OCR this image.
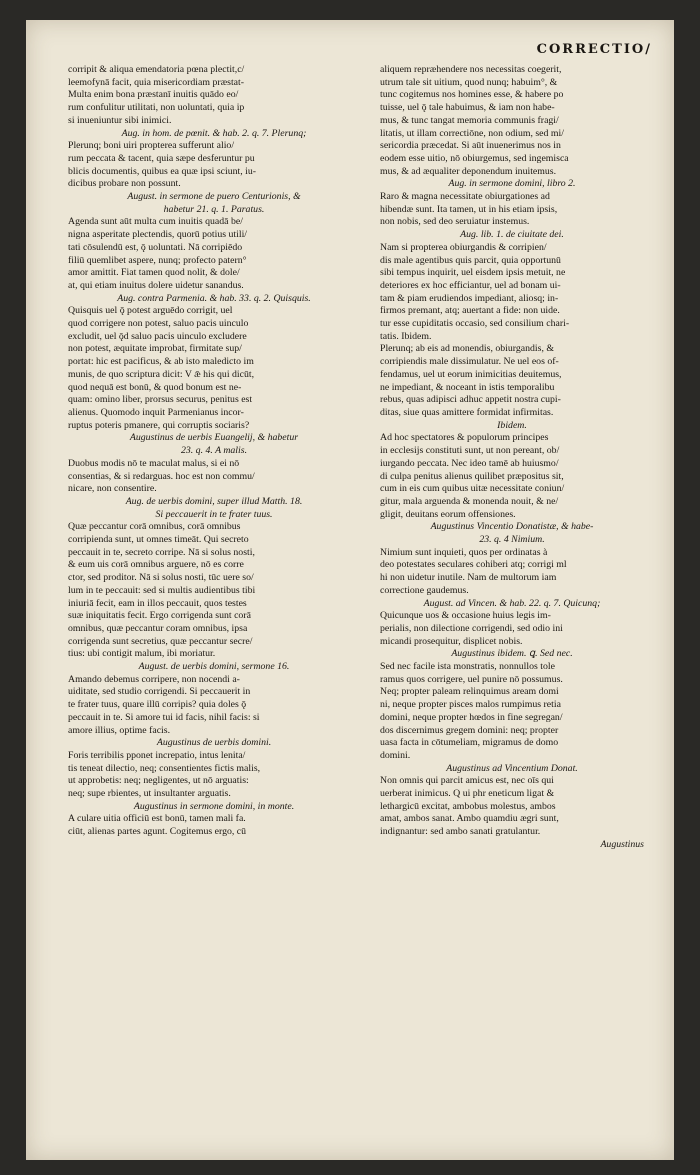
CORRECTIO/

corripit & aliqua emendatoria pœna plectit,c/

leemofynā facit, quia misericordiam præstat-

Multa enim bona præstanī inuitis quādo eo/

rum confulitur utilitati, non uoluntati, quia ip

si inueniuntur sibi inimici.

Aug. in hom. de pœnit. & hab. 2. q. 7. Plerunq;

Plerunq; boni uiri propterea sufferunt alio/

rum peccata & tacent, quia sæpe desferuntur pu

blicis documentis, quibus ea quæ ipsi sciunt, iu-

dicibus probare non possunt.

August. in sermone de puero Centurionis, &

habetur 21. q. 1. Paratus.

Agenda sunt aūt multa cum inuitis quadā be/

nigna asperitate plectendis, quorū potius utili/

tati cōsulendū est, ǭ uoluntati. Nā corripiēdo

filiū quemlibet aspere, nunq; profecto patern°

amor amittit. Fiat tamen quod nolit, & dole/

at, qui etiam inuitus dolere uidetur sanandus.

Aug. contra Parmenia. & hab. 33. q. 2. Quisquis.

Quisquis uel ǭ potest arguēdo corrigit, uel

quod corrigere non potest, saluo pacis uinculo

excludit, uel ǭd saluo pacis uinculo excludere

non potest, æquitate improbat, firmitate sup/

portat: hic est pacificus, & ab isto maledicto im

munis, de quo scriptura dicit: V ǣ his qui dicūt,

quod nequā est bonū, & quod bonum est ne-

quam: omino liber, prorsus securus, penitus est

alienus. Quomodo inquit Parmenianus incor-

ruptus poteris pmanere, qui corruptis sociaris?

Augustinus de uerbis Euangelij, & habetur

23. q. 4. A malis.

Duobus modis nō te maculat malus, si ei nō

consentias, & si redarguas. hoc est non commu/

nicare, non consentire.

Aug. de uerbis domini, super illud Matth. 18.

Si peccauerit in te frater tuus.

Quæ peccantur corā omnibus, corā omnibus

corripienda sunt, ut omnes timeāt. Qui secreto

peccauit in te, secreto corripe. Nā si solus nosti,

& eum uis corā omnibus arguere, nō es corre

ctor, sed proditor. Nā si solus nosti, tūc uere so/

lum in te peccauit: sed si multis audientibus tibi

iniuriā fecit, eam in illos peccauit, quos testes

suæ iniquitatis fecit. Ergo corrigenda sunt corā

omnibus, quæ peccantur coram omnibus, ipsa

corrigenda sunt secretius, quæ peccantur secre/

tius: ubi contigit malum, ibi moriatur.

August. de uerbis domini, sermone 16.

Amando debemus corripere, non nocendi a-

uiditate, sed studio corrigendi. Si peccauerit in

te frater tuus, quare illū corripis? quia doles ǭ

peccauit in te. Si amore tui id facis, nihil facis: si

amore illius, optime facis.

Augustinus de uerbis domini.

Foris terribilis pponet increpatio, intus lenita/

tis teneat dilectio, neq; consentientes fictis malis,

ut approbetis: neq; negligentes, ut nō arguatis:

neq; supe rbientes, ut insultanter arguatis.

Augustinus in sermone domini, in monte.

A culare uitia officiū est bonū, tamen mali fa.

ciūt, alienas partes agunt. Cogitemus ergo, cū

aliquem repræhendere nos necessitas coegerit,

utrum tale sit uitium, quod nunq; habuim°, &

tunc cogitemus nos homines esse, & habere po

tuisse, uel ǭ tale habuimus, & iam non habe-

mus, & tunc tangat memoria communis fragi/

litatis, ut illam correctiōne, non odium, sed mi/

sericordia præcedat. Si aūt inuenerimus nos in

eodem esse uitio, nō obiurgemus, sed ingemisca

mus, & ad æqualiter deponendum inuitemus.

Aug. in sermone domini, libro 2.

Raro & magna necessitate obiurgationes ad

hibendæ sunt. Ita tamen, ut in his etiam ipsis,

non nobis, sed deo seruiatur instemus.

Aug. lib. 1. de ciuitate dei.

Nam si propterea obiurgandis & corripien/

dis male agentibus quis parcit, quia opportunū

sibi tempus inquirit, uel eisdem ipsis metuit, ne

deteriores ex hoc efficiantur, uel ad bonam ui-

tam & piam erudiendos impediant, aliosq; in-

firmos premant, atq; auertant a fide: non uide.

tur esse cupiditatis occasio, sed consilium chari-

tatis. Ibidem.

Plerunq; ab eis ad monendis, obiurgandis, &

corripiendis male dissimulatur. Ne uel eos of-

fendamus, uel ut eorum inimicitias deuitemus,

ne impediant, & noceant in istis temporalibu

rebus, quas adipisci adhuc appetit nostra cupi-

ditas, siue quas amittere formidat infirmitas.

Ibidem.

Ad hoc spectatores & populorum principes

in ecclesijs constituti sunt, ut non pereant, ob/

iurgando peccata. Nec ideo tamē ab huiusmo/

di culpa penitus alienus quilibet præpositus sit,

cum in eis cum quibus uitæ necessitate coniun/

gitur, mala arguenda & monenda nouit, & ne/

gligit, deuitans eorum offensiones.

Augustinus Vincentio Donatistæ, & habe-

23. q. 4 Nimium.

Nimium sunt inquieti, quos per ordinatas à

deo potestates seculares cohiberi atq; corrigi ml

hi non uidetur inutile. Nam de multorum iam

correctione gaudemus.

August. ad Vincen. & hab. 22. q. 7. Quicunq;

Quicunque uos & occasione huius legis im-

perialis, non dilectione corrigendi, sed odio ini

micandi prosequitur, displicet nobis.

Augustinus ibidem. ꝗ. Sed nec.

Sed nec facile ista monstratis, nonnullos tole

ramus quos corrigere, uel punire nō possumus.

Neq; propter paleam relinquimus aream domi

ni, neque propter pisces malos rumpimus retia

domini, neque propter hœdos in fine segregan/

dos discernimus gregem domini: neq; propter

uasa facta in cōtumeliam, migramus de domo

domini.

Augustinus ad Vincentium Donat.

Non omnis qui parcit amicus est, nec oīs qui

uerberat inimicus. Q ui phr eneticum ligat &

lethargicū excitat, ambobus molestus, ambos

amat, ambos sanat. Ambo quamdiu ægri sunt,

indignantur: sed ambo sanati gratulantur.

Augustinus
